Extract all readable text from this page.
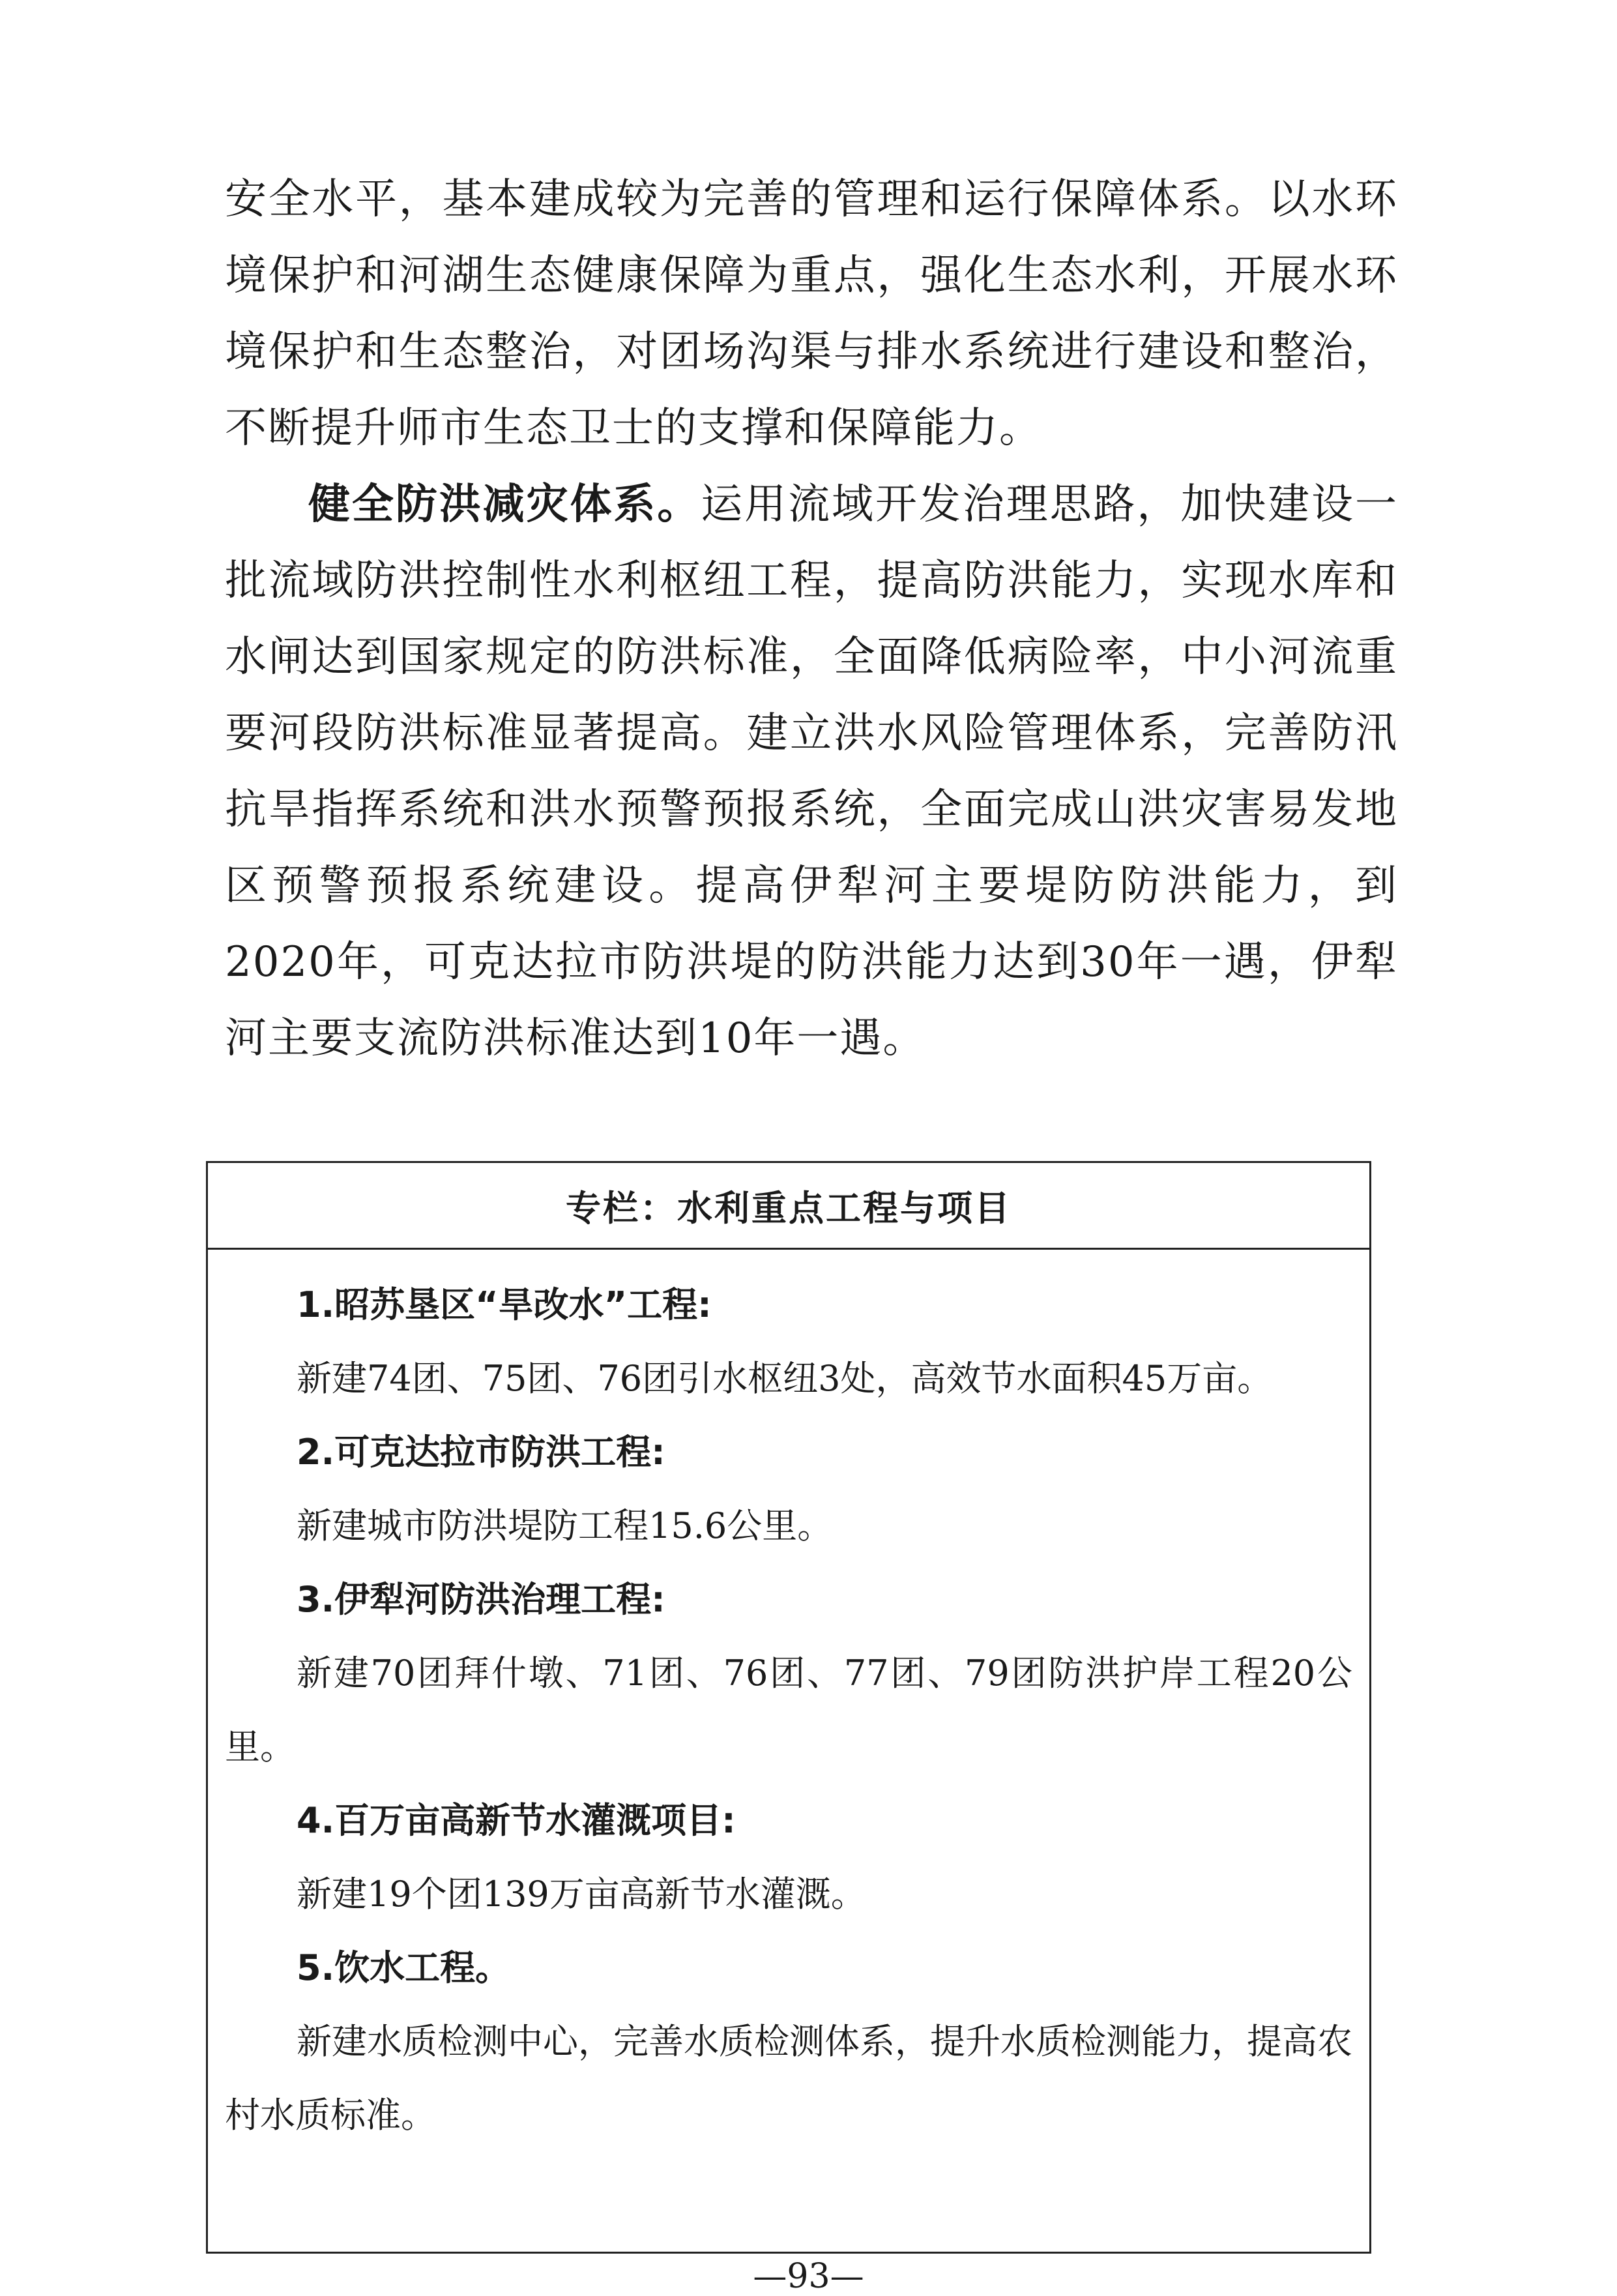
安全水平，基本建成较为完善的管理和运行保障体系。以水环境保护和河湖生态健康保障为重点，强化生态水利，开展水环境保护和生态整治，对团场沟渠与排水系统进行建设和整治，不断提升师市生态卫士的支撑和保障能力。

健全防洪减灾体系。运用流域开发治理思路，加快建设一批流域防洪控制性水利枢纽工程，提高防洪能力，实现水库和水闸达到国家规定的防洪标准，全面降低病险率，中小河流重要河段防洪标准显著提高。建立洪水风险管理体系，完善防汛抗旱指挥系统和洪水预警预报系统，全面完成山洪灾害易发地区预警预报系统建设。提高伊犁河主要堤防防洪能力，到2020年，可克达拉市防洪堤的防洪能力达到30年一遇，伊犁河主要支流防洪标准达到10年一遇。

专栏：水利重点工程与项目

1.昭苏垦区“旱改水”工程:

新建74团、75团、76团引水枢纽3处，高效节水面积45万亩。

2.可克达拉市防洪工程:

新建城市防洪堤防工程15.6公里。

3.伊犁河防洪治理工程:

新建70团拜什墩、71团、76团、77团、79团防洪护岸工程20公里。

4.百万亩高新节水灌溉项目:

新建19个团139万亩高新节水灌溉。

5.饮水工程。

新建水质检测中心，完善水质检测体系，提升水质检测能力，提高农村水质标准。

—93—
